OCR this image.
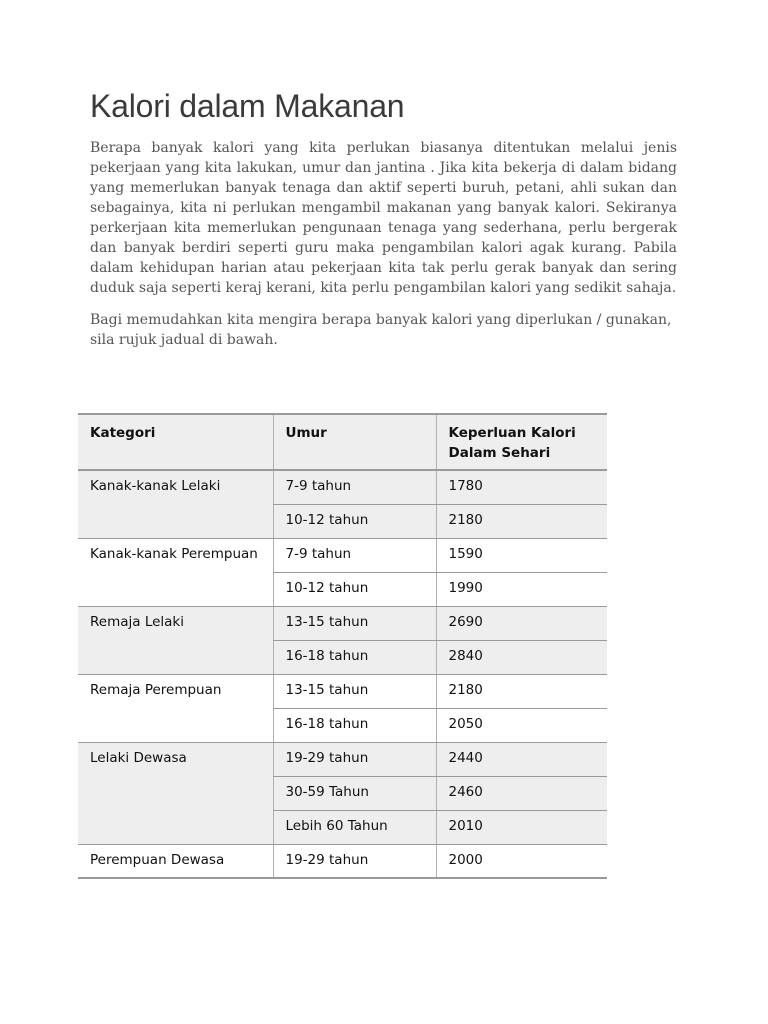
Kalori dalam Makanan

Berapa banyak kalori yang kita perlukan biasanya ditentukan melalui jenis pekerjaan yang kita lakukan, umur dan jantina . Jika kita bekerja di dalam bidang yang memerlukan banyak tenaga dan aktif seperti buruh, petani, ahli sukan dan sebagainya, kita ni perlukan mengambil makanan yang banyak kalori. Sekiranya perkerjaan kita memerlukan pengunaan tenaga yang sederhana, perlu bergerak dan banyak berdiri seperti guru maka pengambilan kalori agak kurang. Pabila dalam kehidupan harian atau pekerjaan kita tak perlu gerak banyak dan sering duduk saja seperti keraj kerani, kita perlu pengambilan kalori yang sedikit sahaja.

Bagi memudahkan kita mengira berapa banyak kalori yang diperlukan / gunakan, sila rujuk jadual di bawah.

Kategori	Umur	Keperluan Kalori
Dalam Sehari
Kanak-kanak Lelaki	7-9 tahun	1780
	10-12 tahun	2180
Kanak-kanak Perempuan	7-9 tahun	1590
	10-12 tahun	1990
Remaja Lelaki	13-15 tahun	2690
	16-18 tahun	2840
Remaja Perempuan	13-15 tahun	2180
	16-18 tahun	2050
Lelaki Dewasa	19-29 tahun	2440
	30-59 Tahun	2460
	Lebih 60 Tahun	2010
Perempuan Dewasa	19-29 tahun	2000
